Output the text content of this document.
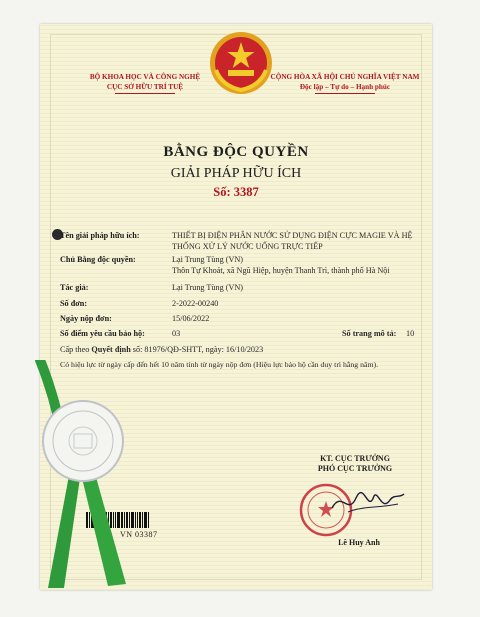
BỘ KHOA HỌC VÀ CÔNG NGHỆ
CỤC SỞ HỮU TRÍ TUỆ
CỘNG HÒA XÃ HỘI CHỦ NGHĨA VIỆT NAM
Độc lập – Tự do – Hạnh phúc
BẰNG ĐỘC QUYỀN
GIẢI PHÁP HỮU ÍCH
Số: 3387
Tên giải pháp hữu ích:	THIẾT BỊ ĐIỆN PHÂN NƯỚC SỬ DỤNG ĐIỆN CỰC MAGIE VÀ HỆ THỐNG XỬ LÝ NƯỚC UỐNG TRỰC TIẾP
Chủ Bằng độc quyền:	Lại Trung Tùng (VN)
Thôn Tự Khoát, xã Ngũ Hiệp, huyện Thanh Trì, thành phố Hà Nội
Tác giả:	Lại Trung Tùng (VN)
Số đơn:	2-2022-00240
Ngày nộp đơn:	15/06/2022
Số điểm yêu cầu bảo hộ:	03	Số trang mô tả: 10
Cấp theo Quyết định số: 81976/QĐ-SHTT, ngày: 16/10/2023
Có hiệu lực từ ngày cấp đến hết 10 năm tính từ ngày nộp đơn (Hiệu lực bảo hộ cần duy trì hằng năm).
KT. CỤC TRƯỞNG
PHÓ CỤC TRƯỞNG
Lê Huy Anh
VN 03387
